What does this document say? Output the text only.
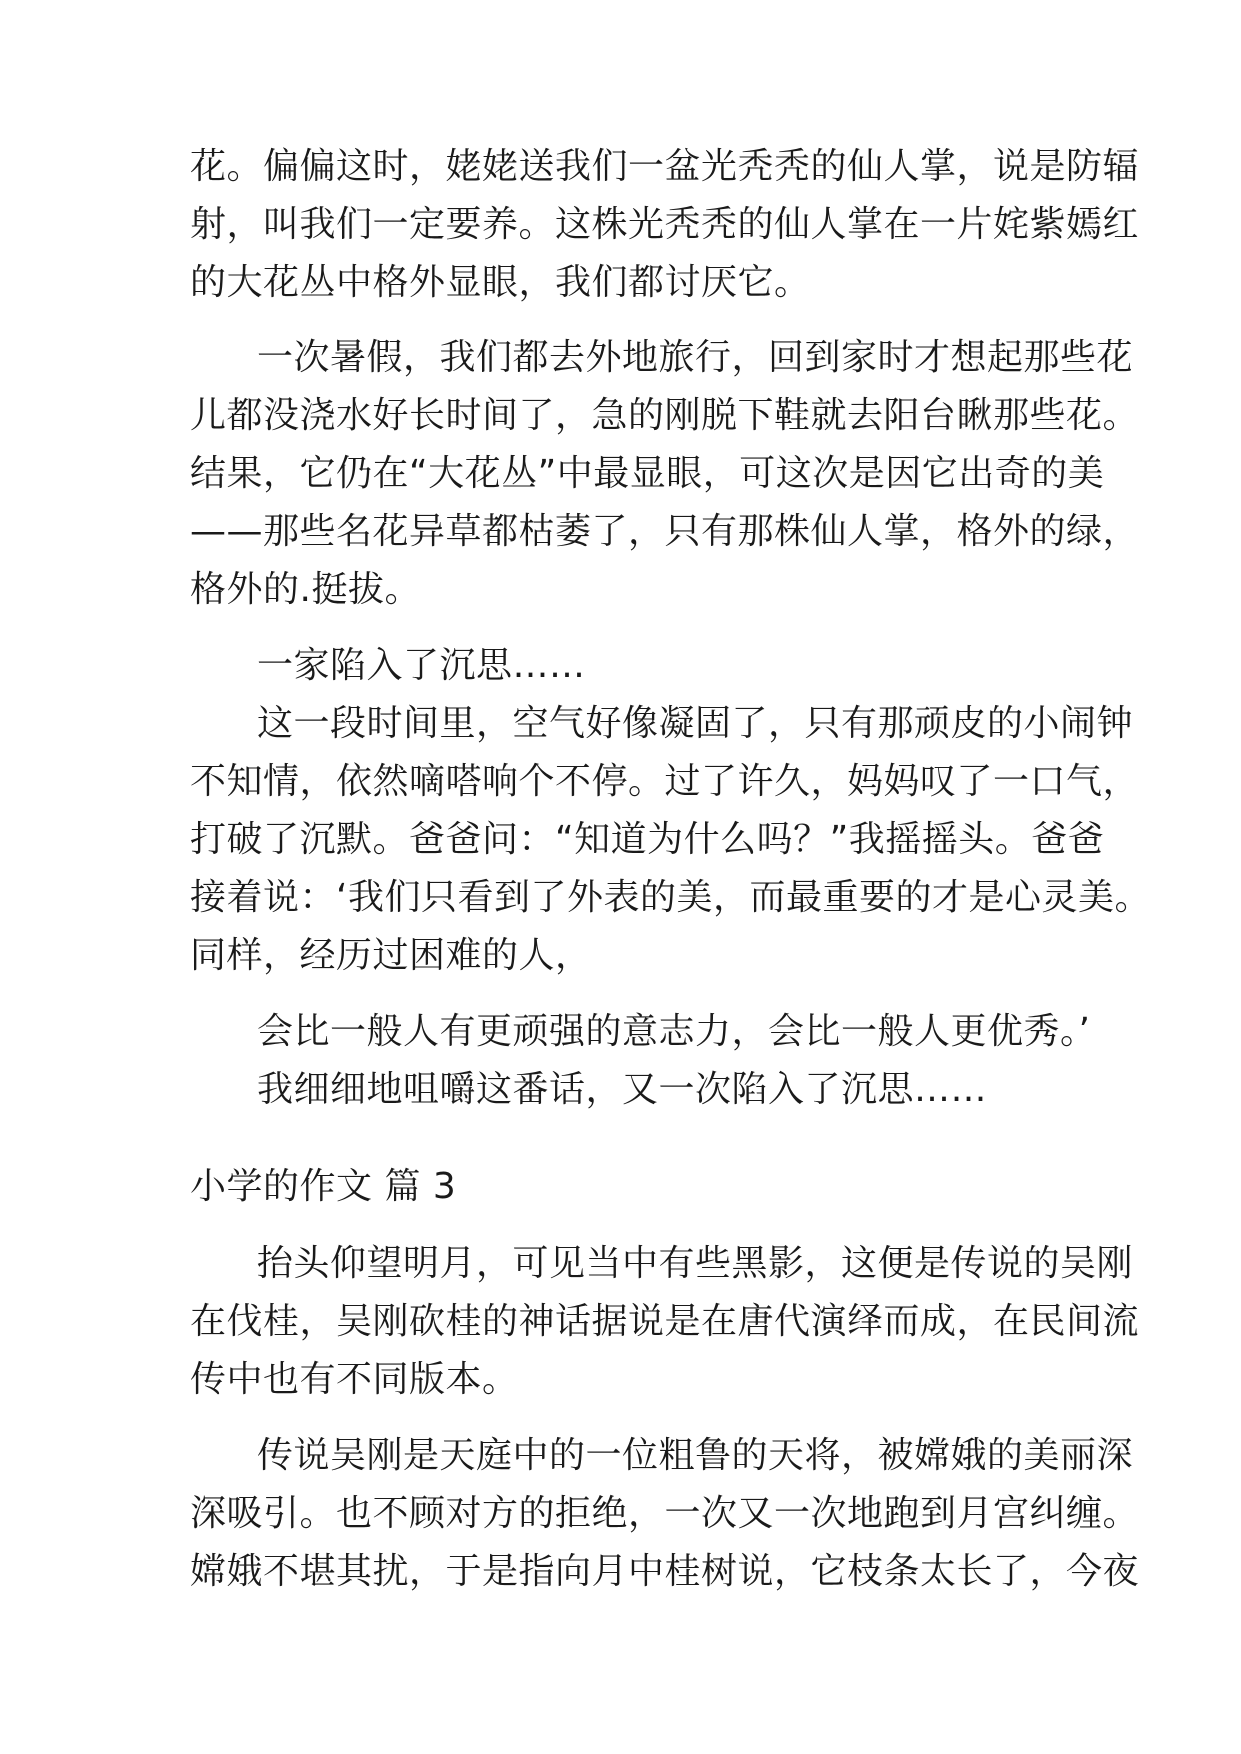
花。偏偏这时，姥姥送我们一盆光秃秃的仙人掌，说是防辐
射，叫我们一定要养。这株光秃秃的仙人掌在一片姹紫嫣红
的大花丛中格外显眼，我们都讨厌它。
一次暑假，我们都去外地旅行，回到家时才想起那些花
儿都没浇水好长时间了，急的刚脱下鞋就去阳台瞅那些花。
结果，它仍在“大花丛”中最显眼，可这次是因它出奇的美
——那些名花异草都枯萎了，只有那株仙人掌，格外的绿，
格外的.挺拔。
一家陷入了沉思……
这一段时间里，空气好像凝固了，只有那顽皮的小闹钟
不知情，依然嘀嗒响个不停。过了许久，妈妈叹了一口气，
打破了沉默。爸爸问：“知道为什么吗？”我摇摇头。爸爸
接着说：‘我们只看到了外表的美，而最重要的才是心灵美。
同样，经历过困难的人，
会比一般人有更顽强的意志力，会比一般人更优秀。’
我细细地咀嚼这番话，又一次陷入了沉思……
小学的作文 篇 3
抬头仰望明月，可见当中有些黑影，这便是传说的吴刚
在伐桂，吴刚砍桂的神话据说是在唐代演绎而成，在民间流
传中也有不同版本。
传说吴刚是天庭中的一位粗鲁的天将，被嫦娥的美丽深
深吸引。也不顾对方的拒绝，一次又一次地跑到月宫纠缠。
嫦娥不堪其扰，于是指向月中桂树说，它枝条太长了，今夜
